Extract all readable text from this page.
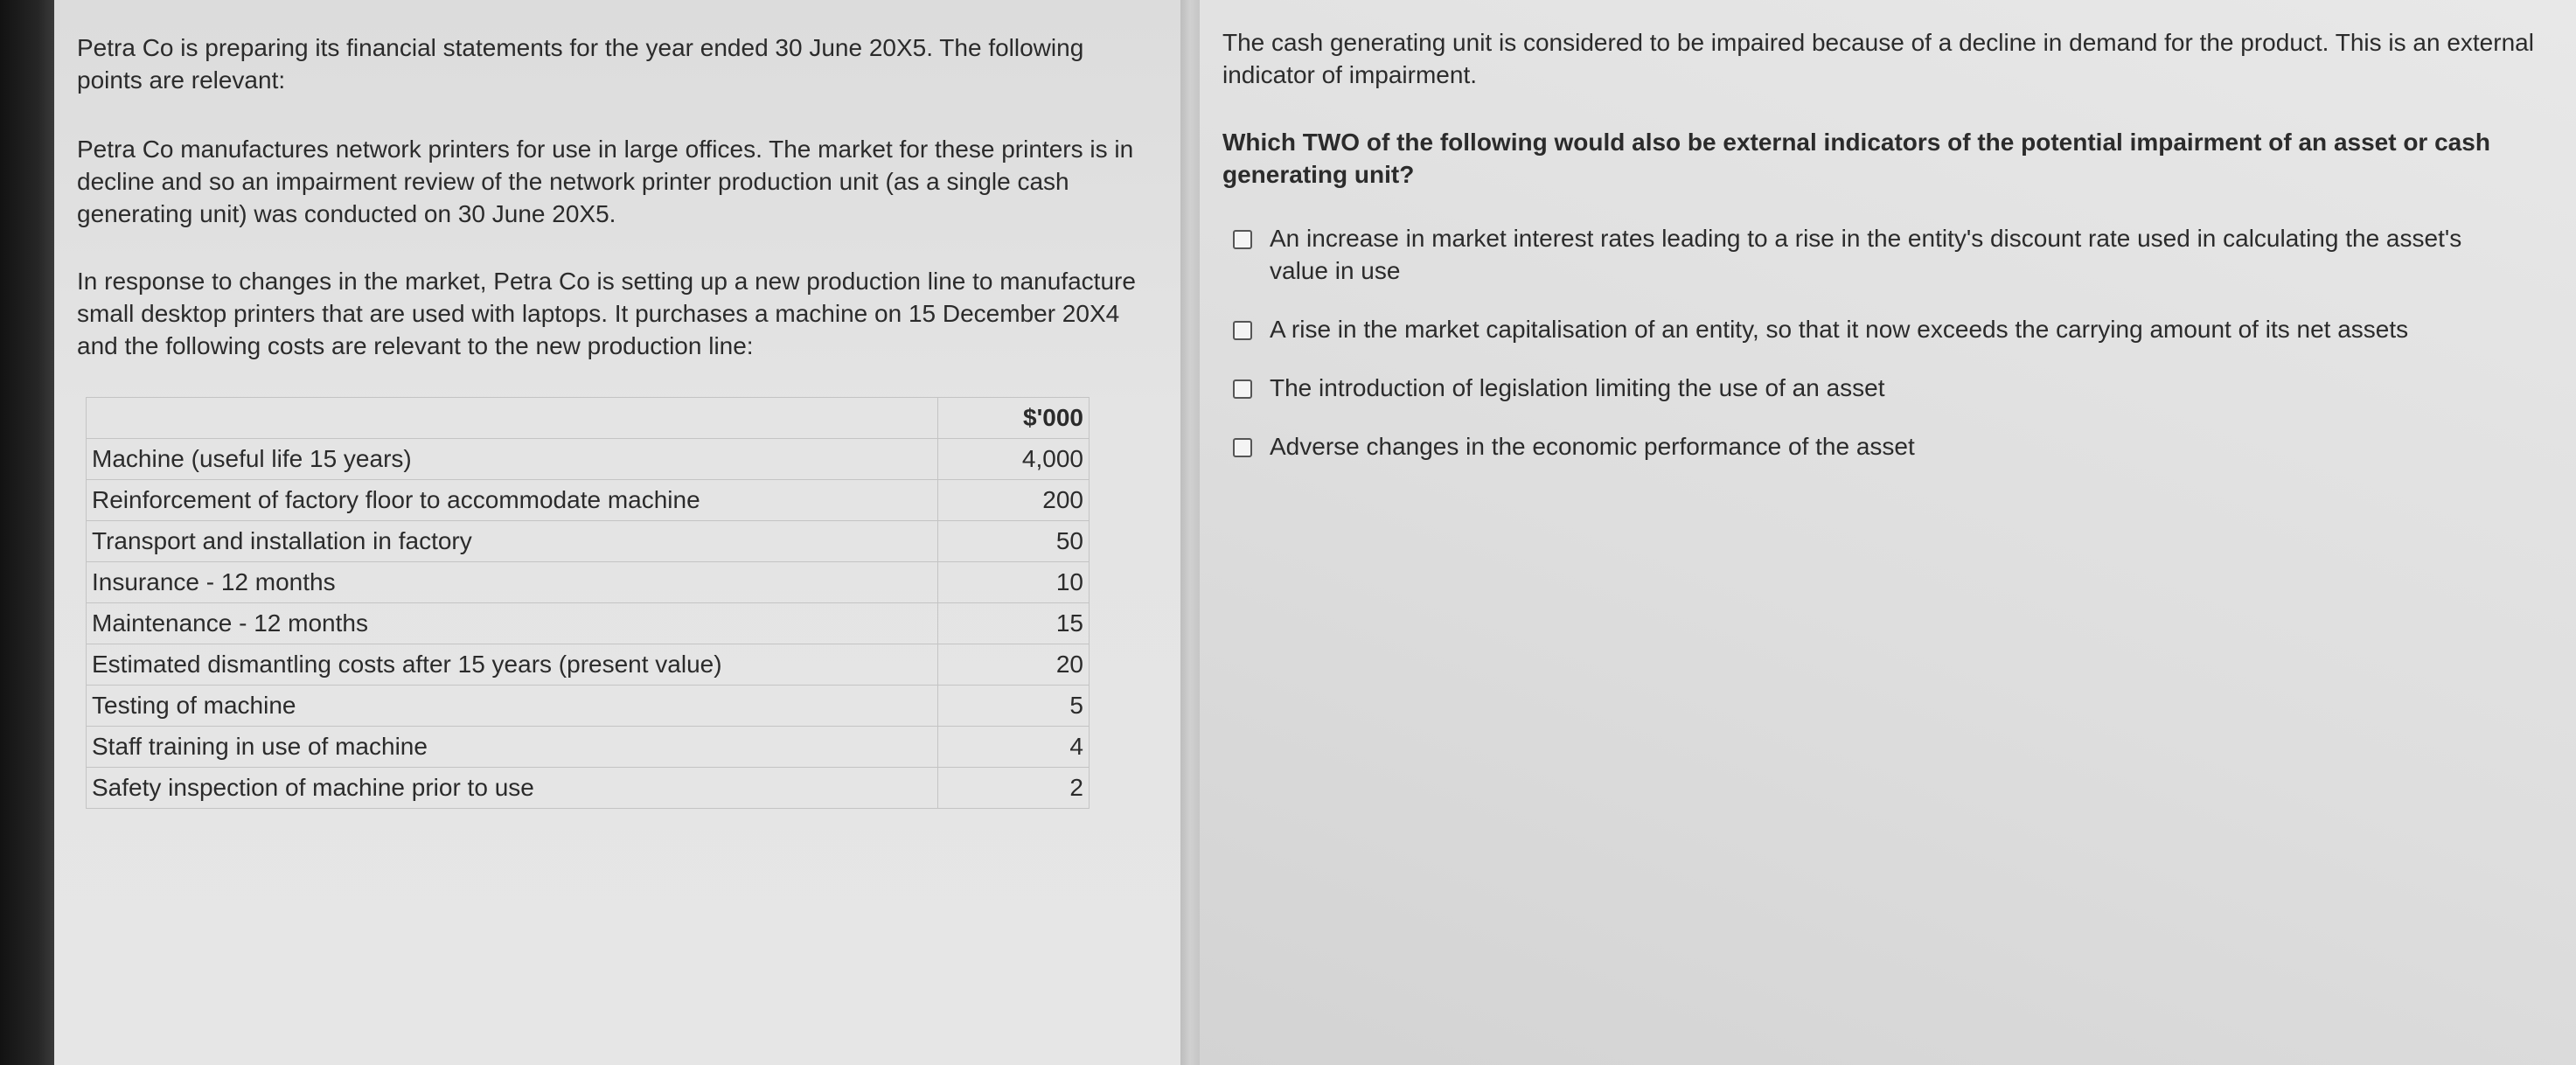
Petra Co is preparing its financial statements for the year ended 30 June 20X5. The following points are relevant:

Petra Co manufactures network printers for use in large offices. The market for these printers is in decline and so an impairment review of the network printer production unit (as a single cash generating unit) was conducted on 30 June 20X5.

In response to changes in the market, Petra Co is setting up a new production line to manufacture small desktop printers that are used with laptops. It purchases a machine on 15 December 20X4 and the following costs are relevant to the new production line:

	$'000
Machine (useful life 15 years)	4,000
Reinforcement of factory floor to accommodate machine	200
Transport and installation in factory	50
Insurance - 12 months	10
Maintenance - 12 months	15
Estimated dismantling costs after 15 years (present value)	20
Testing of machine	5
Staff training in use of machine	4
Safety inspection of machine prior to use	2

The cash generating unit is considered to be impaired because of a decline in demand for the product. This is an external indicator of impairment.

Which TWO of the following would also be external indicators of the potential impairment of an asset or cash generating unit?

An increase in market interest rates leading to a rise in the entity's discount rate used in calculating the asset's value in use
A rise in the market capitalisation of an entity, so that it now exceeds the carrying amount of its net assets
The introduction of legislation limiting the use of an asset
Adverse changes in the economic performance of the asset
